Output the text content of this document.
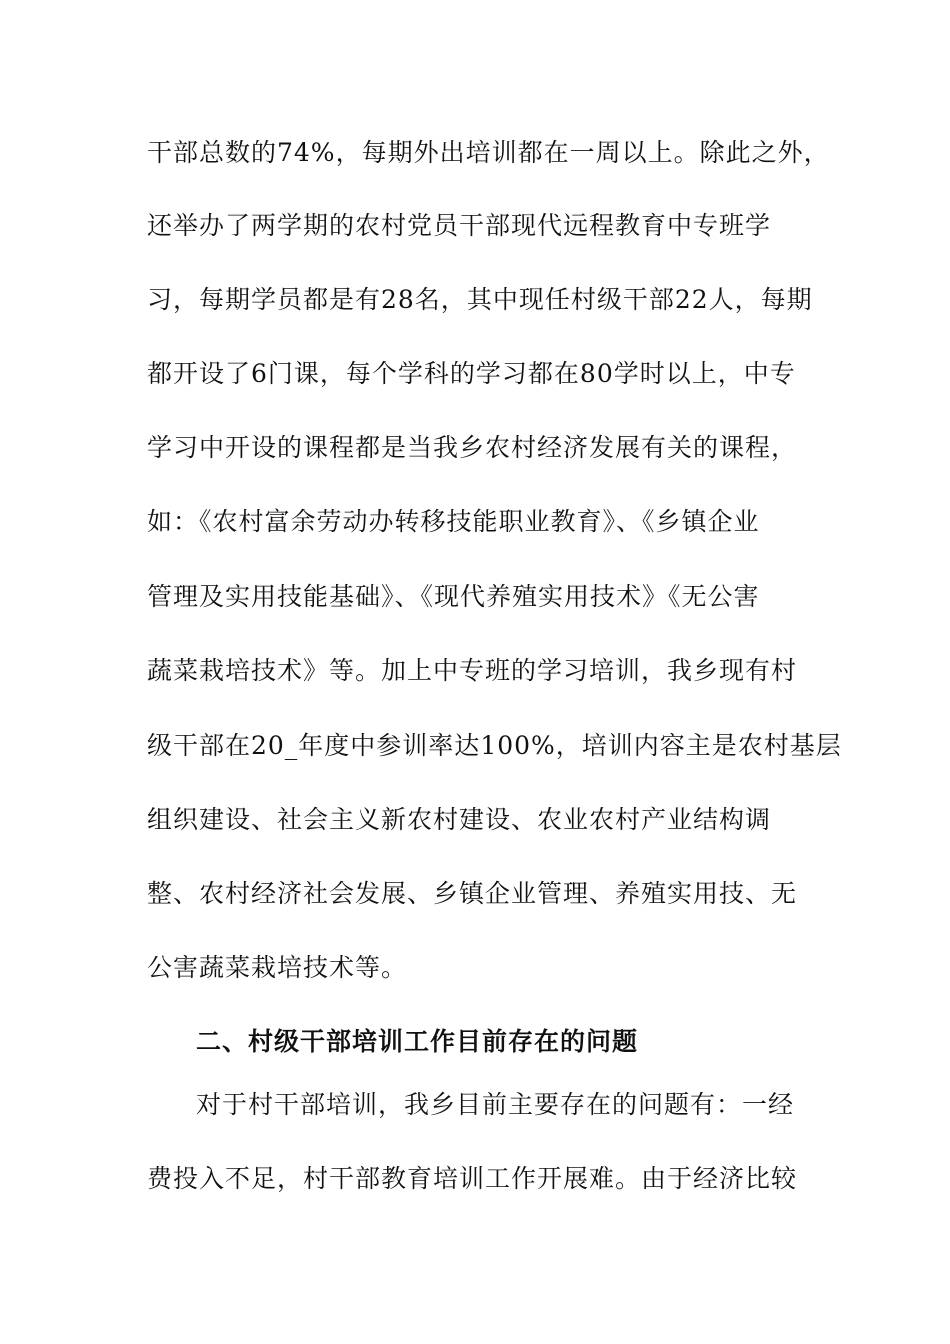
干部总数的74%，每期外出培训都在一周以上。除此之外，
还举办了两学期的农村党员干部现代远程教育中专班学
习，每期学员都是有28名，其中现任村级干部22人，每期
都开设了6门课，每个学科的学习都在80学时以上，中专
学习中开设的课程都是当我乡农村经济发展有关的课程，
如：《农村富余劳动办转移技能职业教育》、《乡镇企业
管理及实用技能基础》、《现代养殖实用技术》《无公害
蔬菜栽培技术》等。加上中专班的学习培训，我乡现有村
级干部在20_年度中参训率达100%，培训内容主是农村基层
组织建设、社会主义新农村建设、农业农村产业结构调
整、农村经济社会发展、乡镇企业管理、养殖实用技、无
公害蔬菜栽培技术等。
二、村级干部培训工作目前存在的问题
对于村干部培训，我乡目前主要存在的问题有：一经
费投入不足，村干部教育培训工作开展难。由于经济比较
